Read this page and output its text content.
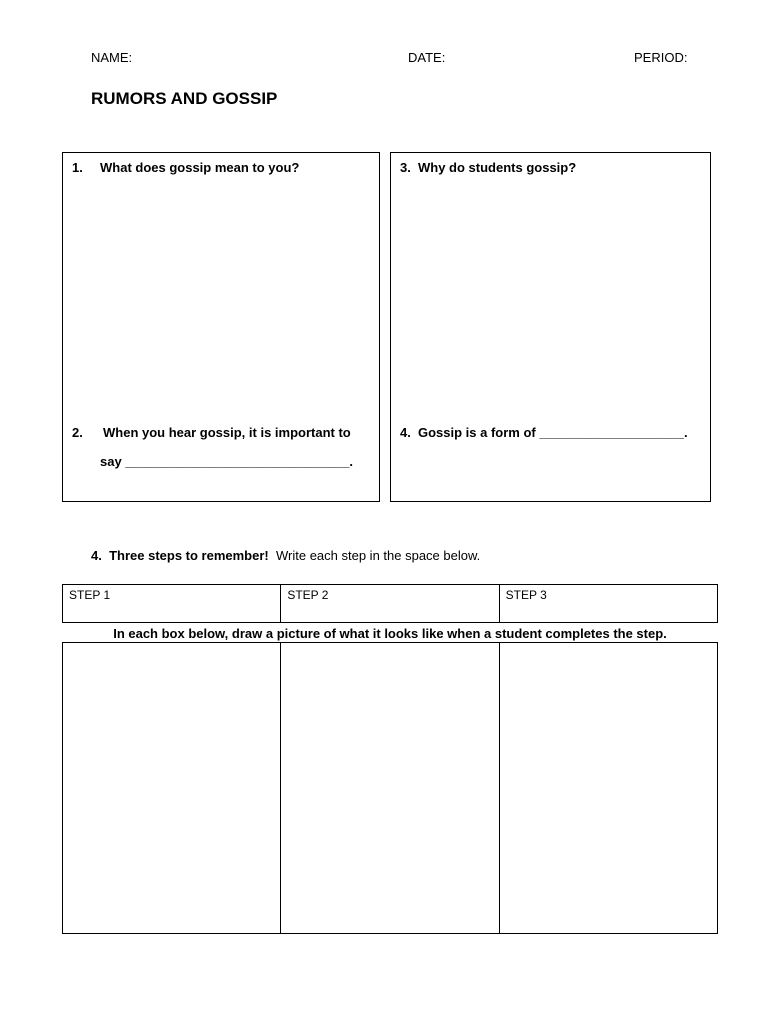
NAME:	DATE:	PERIOD:
RUMORS AND GOSSIP
1. What does gossip mean to you?
2. When you hear gossip, it is important to
say _______________________________.
3. Why do students gossip?
4. Gossip is a form of ____________________.
4. Three steps to remember! Write each step in the space below.
STEP 1	STEP 2	STEP 3
In each box below, draw a picture of what it looks like when a student completes the step.
